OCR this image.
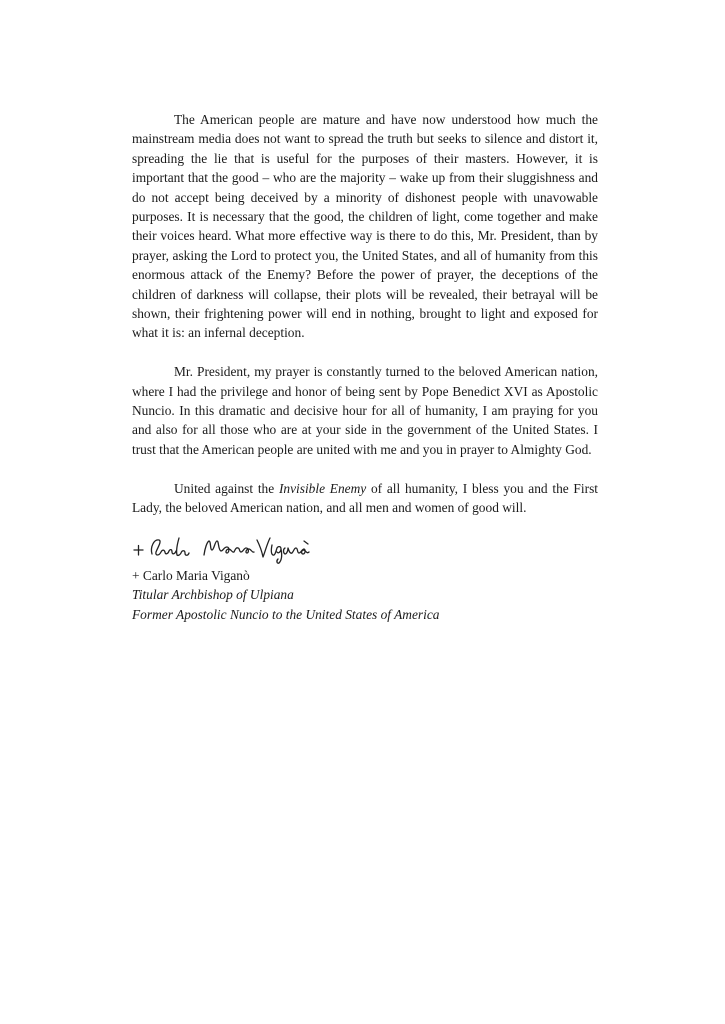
The American people are mature and have now understood how much the mainstream media does not want to spread the truth but seeks to silence and distort it, spreading the lie that is useful for the purposes of their masters. However, it is important that the good – who are the majority – wake up from their sluggishness and do not accept being deceived by a minority of dishonest people with unavowable purposes. It is necessary that the good, the children of light, come together and make their voices heard. What more effective way is there to do this, Mr. President, than by prayer, asking the Lord to protect you, the United States, and all of humanity from this enormous attack of the Enemy? Before the power of prayer, the deceptions of the children of darkness will collapse, their plots will be revealed, their betrayal will be shown, their frightening power will end in nothing, brought to light and exposed for what it is: an infernal deception.

Mr. President, my prayer is constantly turned to the beloved American nation, where I had the privilege and honor of being sent by Pope Benedict XVI as Apostolic Nuncio. In this dramatic and decisive hour for all of humanity, I am praying for you and also for all those who are at your side in the government of the United States. I trust that the American people are united with me and you in prayer to Almighty God.

United against the Invisible Enemy of all humanity, I bless you and the First Lady, the beloved American nation, and all men and women of good will.

+ Carlo Maria Viganò

Titular Archbishop of Ulpiana

Former Apostolic Nuncio to the United States of America
